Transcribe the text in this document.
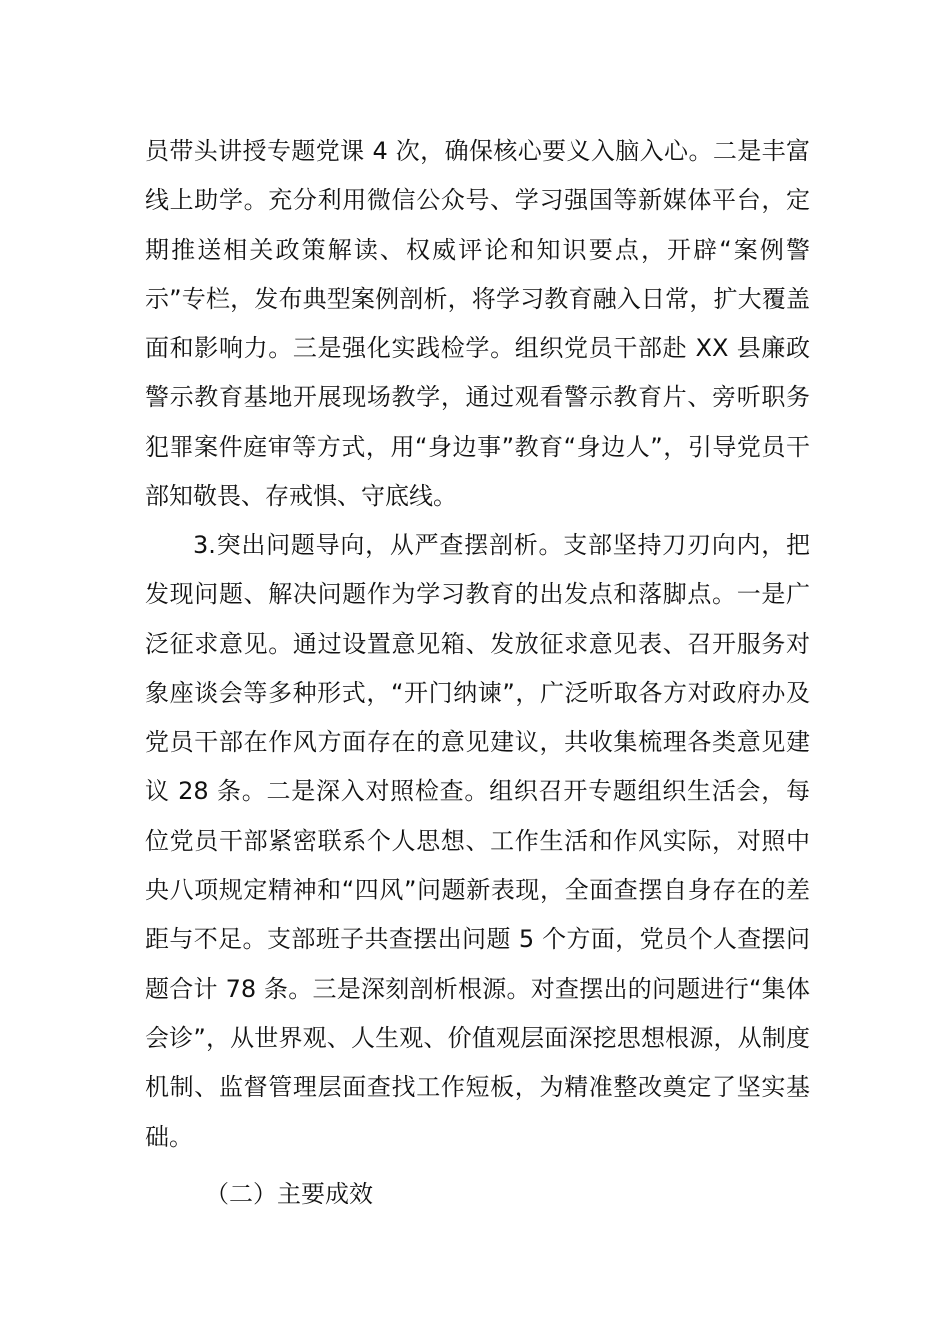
员带头讲授专题党课 4 次，确保核心要义入脑入心。二是丰富线上助学。充分利用微信公众号、学习强国等新媒体平台，定期推送相关政策解读、权威评论和知识要点，开辟“案例警示”专栏，发布典型案例剖析，将学习教育融入日常，扩大覆盖面和影响力。三是强化实践检学。组织党员干部赴 XX 县廉政警示教育基地开展现场教学，通过观看警示教育片、旁听职务犯罪案件庭审等方式，用“身边事”教育“身边人”，引导党员干部知敬畏、存戒惧、守底线。

3.突出问题导向，从严查摆剖析。支部坚持刀刃向内，把发现问题、解决问题作为学习教育的出发点和落脚点。一是广泛征求意见。通过设置意见箱、发放征求意见表、召开服务对象座谈会等多种形式，“开门纳谏”，广泛听取各方对政府办及党员干部在作风方面存在的意见建议，共收集梳理各类意见建议 28 条。二是深入对照检查。组织召开专题组织生活会，每位党员干部紧密联系个人思想、工作生活和作风实际，对照中央八项规定精神和“四风”问题新表现，全面查摆自身存在的差距与不足。支部班子共查摆出问题 5 个方面，党员个人查摆问题合计 78 条。三是深刻剖析根源。对查摆出的问题进行“集体会诊”，从世界观、人生观、价值观层面深挖思想根源，从制度机制、监督管理层面查找工作短板，为精准整改奠定了坚实基础。

（二）主要成效
